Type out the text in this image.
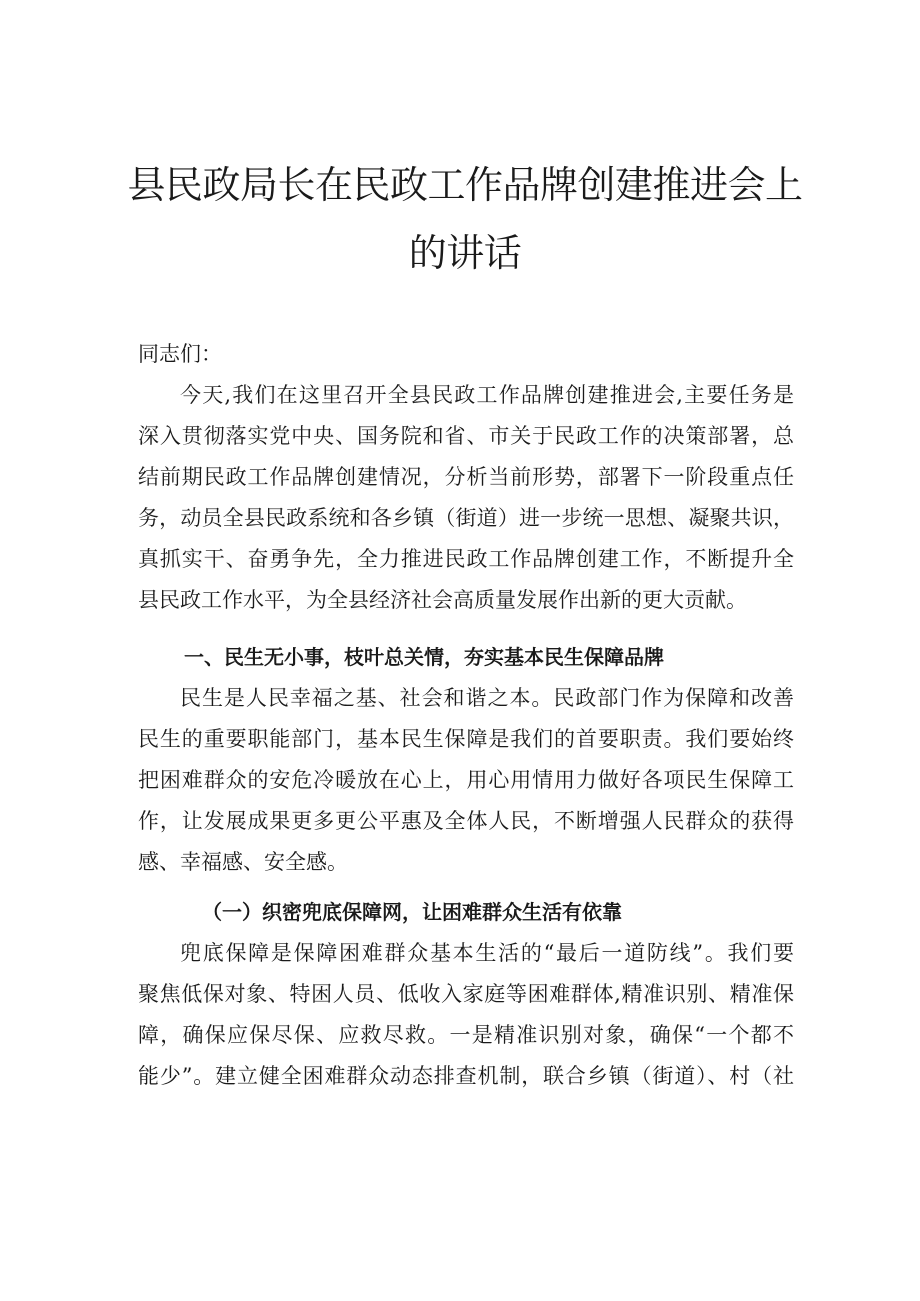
县民政局长在民政工作品牌创建推进会上
的讲话
同志们：
今天,我们在这里召开全县民政工作品牌创建推进会,主要任务是
深入贯彻落实党中央、国务院和省、市关于民政工作的决策部署，总
结前期民政工作品牌创建情况，分析当前形势，部署下一阶段重点任
务，动员全县民政系统和各乡镇（街道）进一步统一思想、凝聚共识，
真抓实干、奋勇争先，全力推进民政工作品牌创建工作，不断提升全
县民政工作水平，为全县经济社会高质量发展作出新的更大贡献。
一、民生无小事，枝叶总关情，夯实基本民生保障品牌
民生是人民幸福之基、社会和谐之本。民政部门作为保障和改善
民生的重要职能部门，基本民生保障是我们的首要职责。我们要始终
把困难群众的安危冷暖放在心上，用心用情用力做好各项民生保障工
作，让发展成果更多更公平惠及全体人民，不断增强人民群众的获得
感、幸福感、安全感。
（一）织密兜底保障网，让困难群众生活有依靠
兜底保障是保障困难群众基本生活的“最后一道防线”。我们要
聚焦低保对象、特困人员、低收入家庭等困难群体,精准识别、精准保
障，确保应保尽保、应救尽救。一是精准识别对象，确保“一个都不
能少”。建立健全困难群众动态排查机制，联合乡镇（街道）、村（社
